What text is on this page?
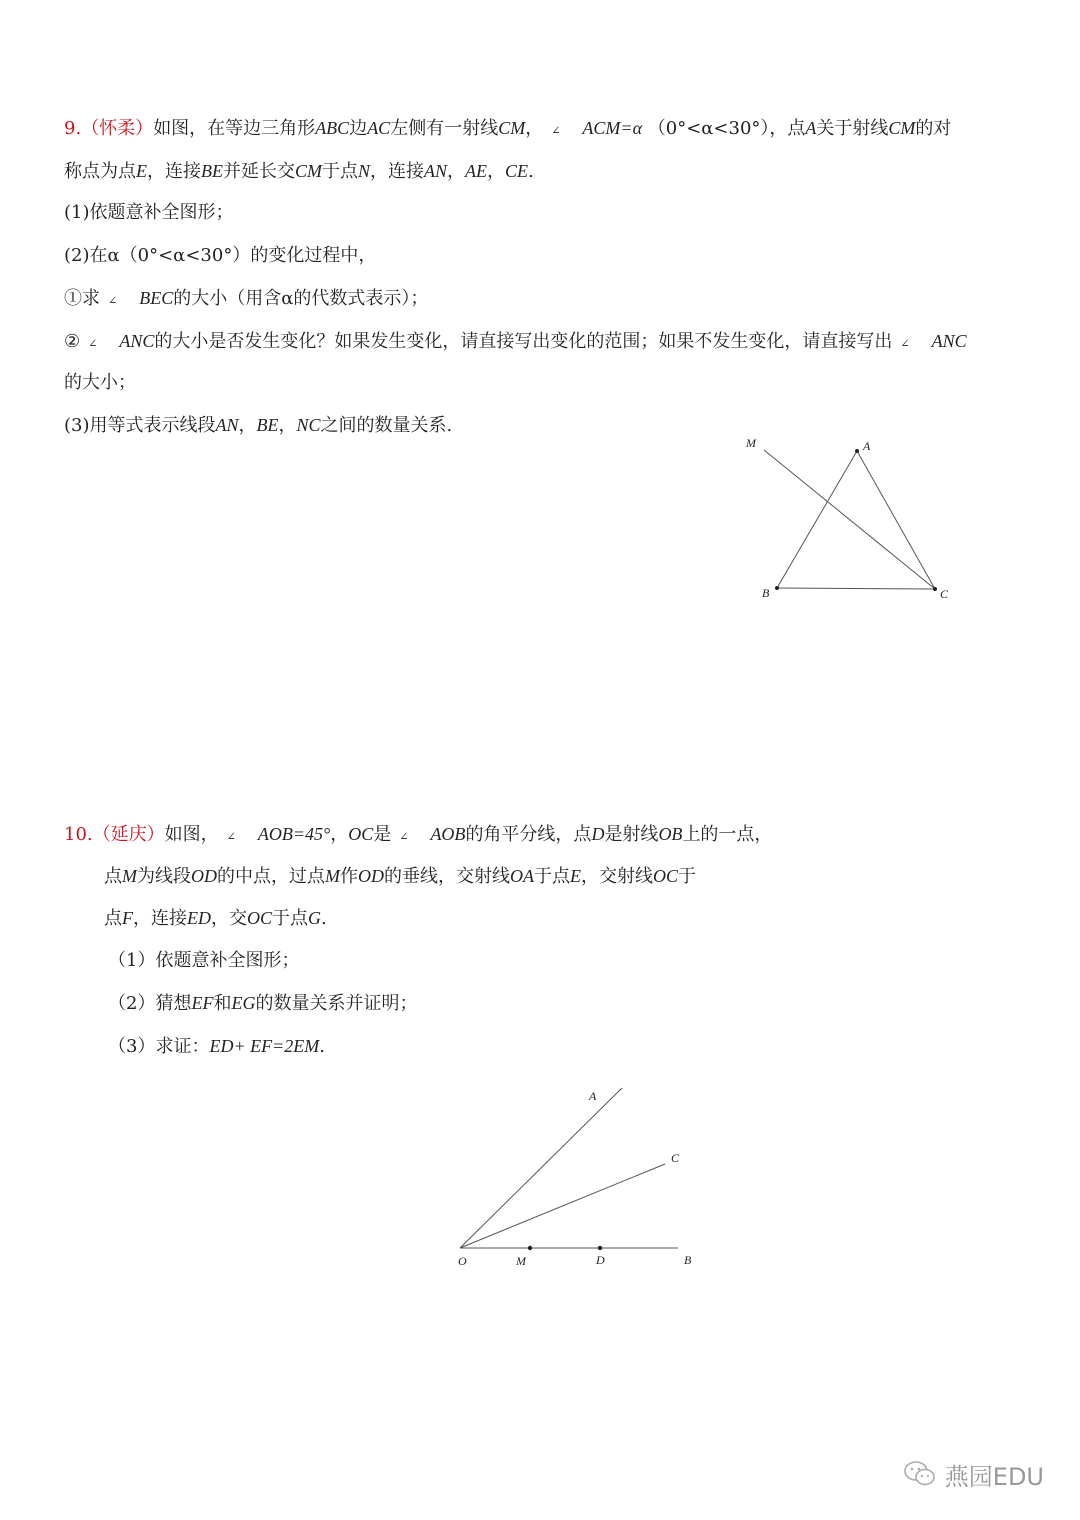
9.（怀柔）如图，在等边三角形ABC边AC左侧有一射线CM， ∠ ACM=α （0°<α<30°），点A关于射线CM的对
称点为点E，连接BE并延长交CM于点N，连接AN，AE，CE.
(1)依题意补全图形；
(2)在α（0°<α<30°）的变化过程中，
①求 ∠ BEC的大小（用含α的代数式表示）；
② ∠ ANC的大小是否发生变化？如果发生变化，请直接写出变化的范围；如果不发生变化，请直接写出 ∠ ANC
的大小；
(3)用等式表示线段AN，BE，NC之间的数量关系.
M	A
B	C
10.（延庆）如图， ∠ AOB=45°，OC是 ∠ AOB的角平分线，点D是射线OB上的一点，
点M为线段OD的中点，过点M作OD的垂线，交射线OA于点E，交射线OC于
点F，连接ED，交OC于点G.
（1）依题意补全图形；
（2）猜想EF和EG的数量关系并证明；
（3）求证：ED+ EF=2EM.
A
C
O	M	D	B
燕园EDU
